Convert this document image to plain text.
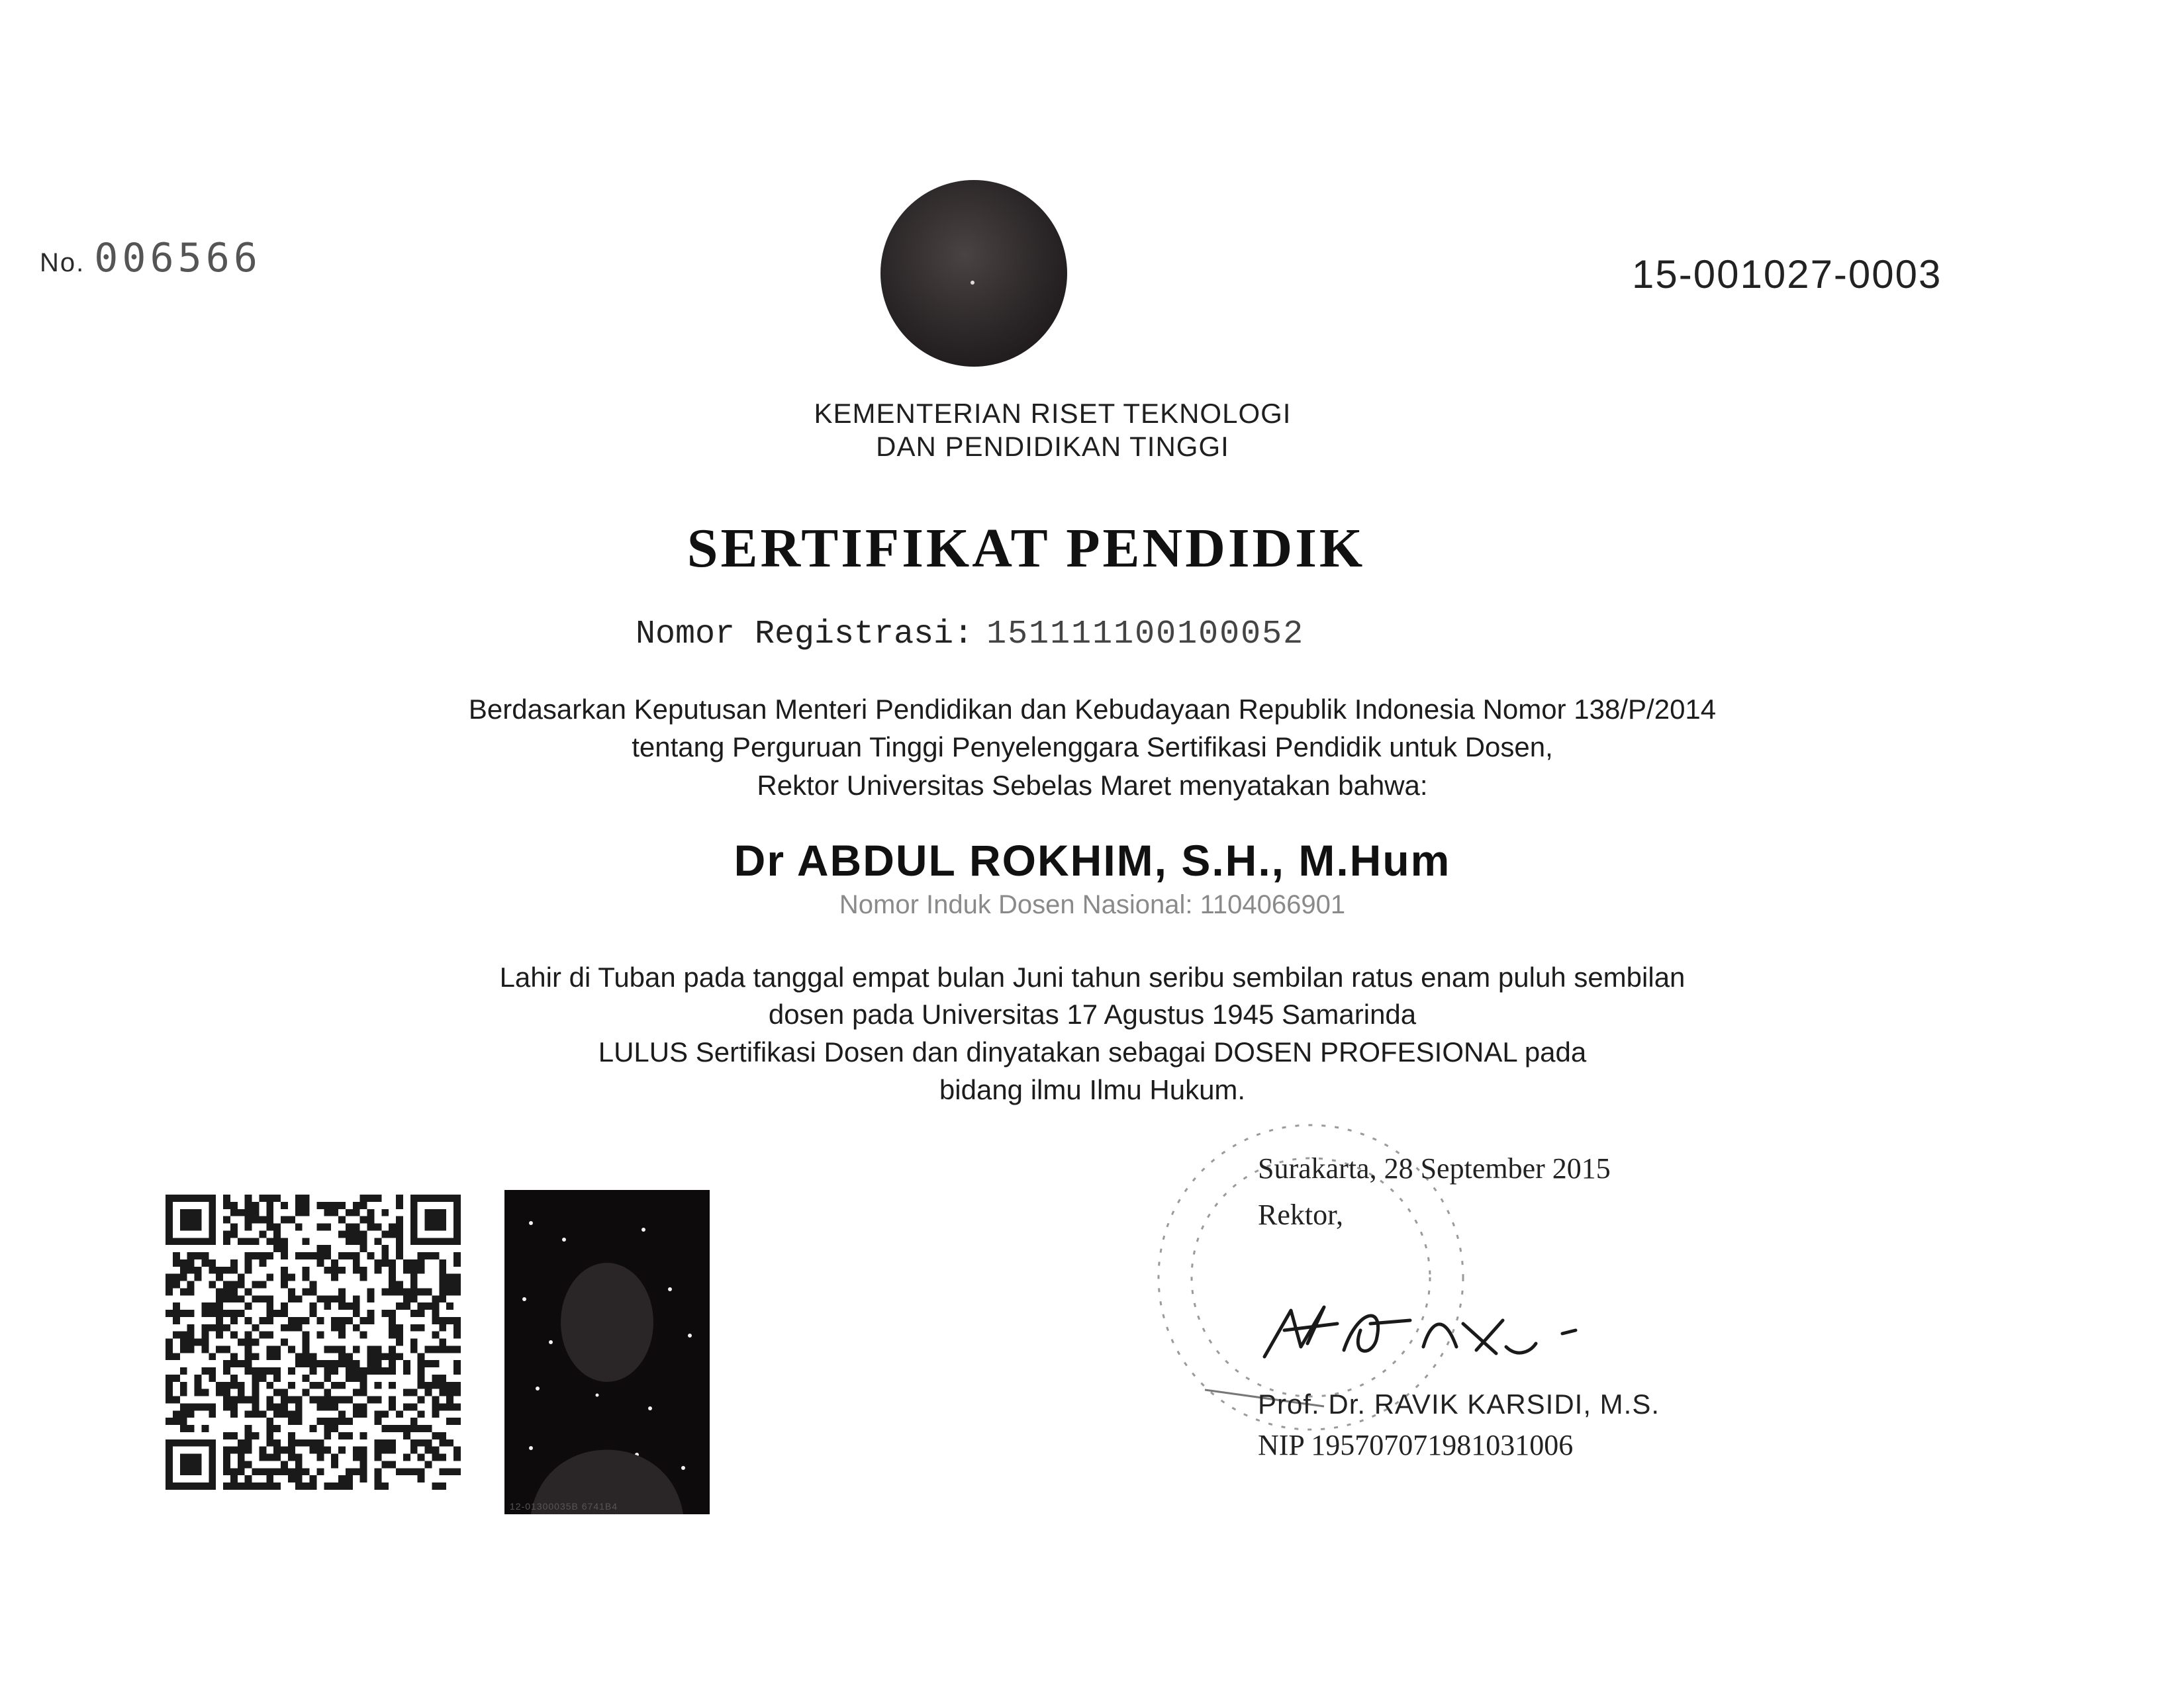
No. 006566	15-001027-0003
KEMENTERIAN RISET TEKNOLOGI
DAN PENDIDIKAN TINGGI
SERTIFIKAT PENDIDIK
Nomor Registrasi: 151111100100052
Berdasarkan Keputusan Menteri Pendidikan dan Kebudayaan Republik Indonesia Nomor 138/P/2014
tentang Perguruan Tinggi Penyelenggara Sertifikasi Pendidik untuk Dosen,
Rektor Universitas Sebelas Maret menyatakan bahwa:
Dr ABDUL ROKHIM, S.H., M.Hum
Nomor Induk Dosen Nasional: 1104066901
Lahir di Tuban pada tanggal empat bulan Juni tahun seribu sembilan ratus enam puluh sembilan
dosen pada Universitas 17 Agustus 1945 Samarinda
LULUS Sertifikasi Dosen dan dinyatakan sebagai DOSEN PROFESIONAL pada
bidang ilmu Ilmu Hukum.
Surakarta, 28 September 2015
Rektor,
Prof. Dr. RAVIK KARSIDI, M.S.
NIP 195707071981031006
12-01300035B 6741B4
